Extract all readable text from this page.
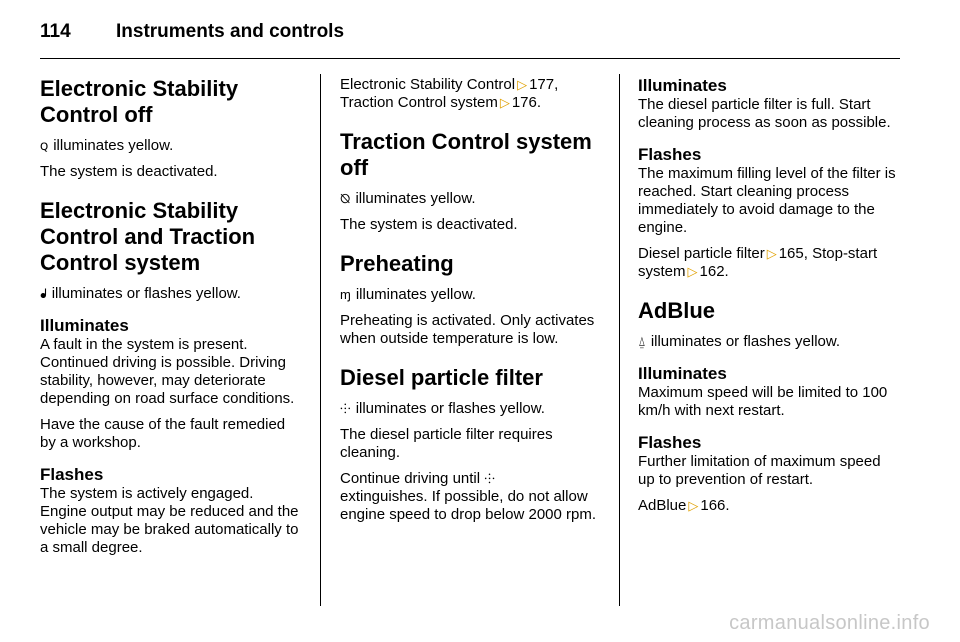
114 Instruments and controls
Electronic Stability Control off

ꞯ illuminates yellow.

The system is deactivated.

Electronic Stability Control and Traction Control system

ᖱ illuminates or flashes yellow.

Illuminates

A fault in the system is present. Continued driving is possible. Driving stability, however, may deteriorate depending on road surface conditions.

Have the cause of the fault remedied by a workshop.

Flashes

The system is actively engaged. Engine output may be reduced and the vehicle may be braked automatically to a small degree.

Electronic Stability Control ▷ 177,
Traction Control system ▷ 176.

Traction Control system off

⦰ illuminates yellow.

The system is deactivated.

Preheating

ɱ illuminates yellow.

Preheating is activated. Only activates when outside temperature is low.

Diesel particle filter

⸭ illuminates or flashes yellow.

The diesel particle filter requires cleaning.

Continue driving until ⸭
extinguishes. If possible, do not allow engine speed to drop below 2000 rpm.

Illuminates

The diesel particle filter is full. Start cleaning process as soon as possible.

Flashes

The maximum filling level of the filter is reached. Start cleaning process immediately to avoid damage to the engine.

Diesel particle filter ▷ 165, Stop-start system ▷ 162.

AdBlue

⍙ illuminates or flashes yellow.

Illuminates

Maximum speed will be limited to 100 km/h with next restart.

Flashes

Further limitation of maximum speed up to prevention of restart.

AdBlue ▷ 166.

carmanualsonline.info
